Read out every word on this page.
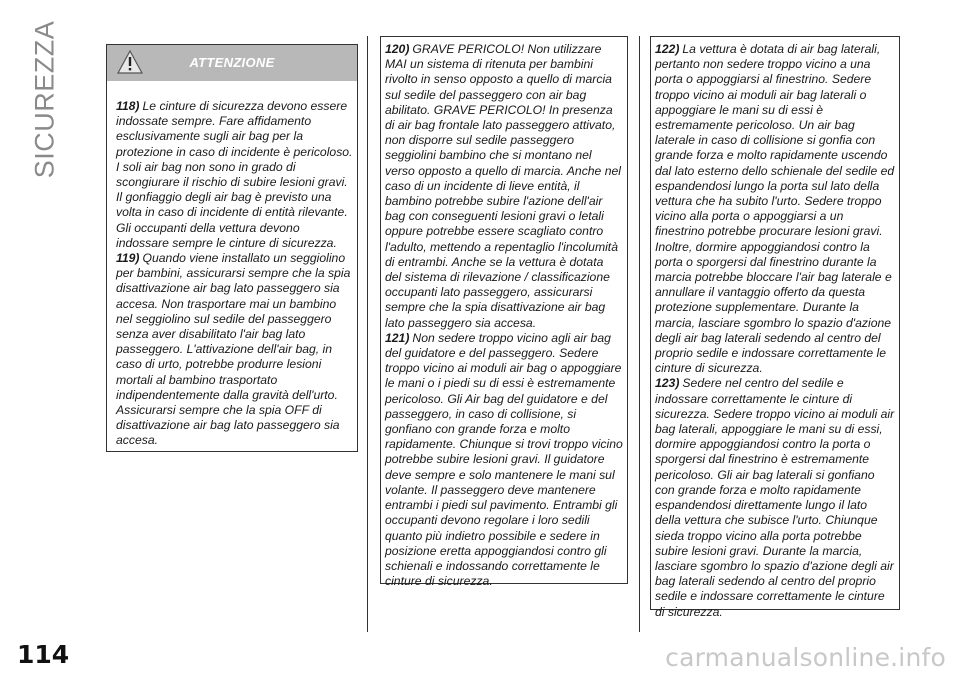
SICUREZZA	ATTENZIONE

118) Le cinture di sicurezza devono essere indossate sempre. Fare affidamento esclusivamente sugli air bag per la protezione in caso di incidente è pericoloso. I soli air bag non sono in grado di scongiurare il rischio di subire lesioni gravi. Il gonfiaggio degli air bag è previsto una volta in caso di incidente di entità rilevante. Gli occupanti della vettura devono indossare sempre le cinture di sicurezza.

119) Quando viene installato un seggiolino per bambini, assicurarsi sempre che la spia disattivazione air bag lato passeggero sia accesa. Non trasportare mai un bambino nel seggiolino sul sedile del passeggero senza aver disabilitato l'air bag lato passeggero. L'attivazione dell'air bag, in caso di urto, potrebbe produrre lesioni mortali al bambino trasportato indipendentemente dalla gravità dell'urto. Assicurarsi sempre che la spia OFF di disattivazione air bag lato passeggero sia accesa.

120) GRAVE PERICOLO! Non utilizzare MAI un sistema di ritenuta per bambini rivolto in senso opposto a quello di marcia sul sedile del passeggero con air bag abilitato. GRAVE PERICOLO! In presenza di air bag frontale lato passeggero attivato, non disporre sul sedile passeggero seggiolini bambino che si montano nel verso opposto a quello di marcia. Anche nel caso di un incidente di lieve entità, il bambino potrebbe subire l'azione dell'air bag con conseguenti lesioni gravi o letali oppure potrebbe essere scagliato contro l'adulto, mettendo a repentaglio l'incolumità di entrambi. Anche se la vettura è dotata del sistema di rilevazione / classificazione occupanti lato passeggero, assicurarsi sempre che la spia disattivazione air bag lato passeggero sia accesa.

121) Non sedere troppo vicino agli air bag del guidatore e del passeggero. Sedere troppo vicino ai moduli air bag o appoggiare le mani o i piedi su di essi è estremamente pericoloso. Gli Air bag del guidatore e del passeggero, in caso di collisione, si gonfiano con grande forza e molto rapidamente. Chiunque si trovi troppo vicino potrebbe subire lesioni gravi. Il guidatore deve sempre e solo mantenere le mani sul volante. Il passeggero deve mantenere entrambi i piedi sul pavimento. Entrambi gli occupanti devono regolare i loro sedili quanto più indietro possibile e sedere in posizione eretta appoggiandosi contro gli schienali e indossando correttamente le cinture di sicurezza.

122) La vettura è dotata di air bag laterali, pertanto non sedere troppo vicino a una porta o appoggiarsi al finestrino. Sedere troppo vicino ai moduli air bag laterali o appoggiare le mani su di essi è estremamente pericoloso. Un air bag laterale in caso di collisione si gonfia con grande forza e molto rapidamente uscendo dal lato esterno dello schienale del sedile ed espandendosi lungo la porta sul lato della vettura che ha subito l'urto. Sedere troppo vicino alla porta o appoggiarsi a un finestrino potrebbe procurare lesioni gravi. Inoltre, dormire appoggiandosi contro la porta o sporgersi dal finestrino durante la marcia potrebbe bloccare l'air bag laterale e annullare il vantaggio offerto da questa protezione supplementare. Durante la marcia, lasciare sgombro lo spazio d'azione degli air bag laterali sedendo al centro del proprio sedile e indossare correttamente le cinture di sicurezza.

123) Sedere nel centro del sedile e indossare correttamente le cinture di sicurezza. Sedere troppo vicino ai moduli air bag laterali, appoggiare le mani su di essi, dormire appoggiandosi contro la porta o sporgersi dal finestrino è estremamente pericoloso. Gli air bag laterali si gonfiano con grande forza e molto rapidamente espandendosi direttamente lungo il lato della vettura che subisce l'urto. Chiunque sieda troppo vicino alla porta potrebbe subire lesioni gravi. Durante la marcia, lasciare sgombro lo spazio d'azione degli air bag laterali sedendo al centro del proprio sedile e indossare correttamente le cinture di sicurezza.

114	carmanualsonline.info
